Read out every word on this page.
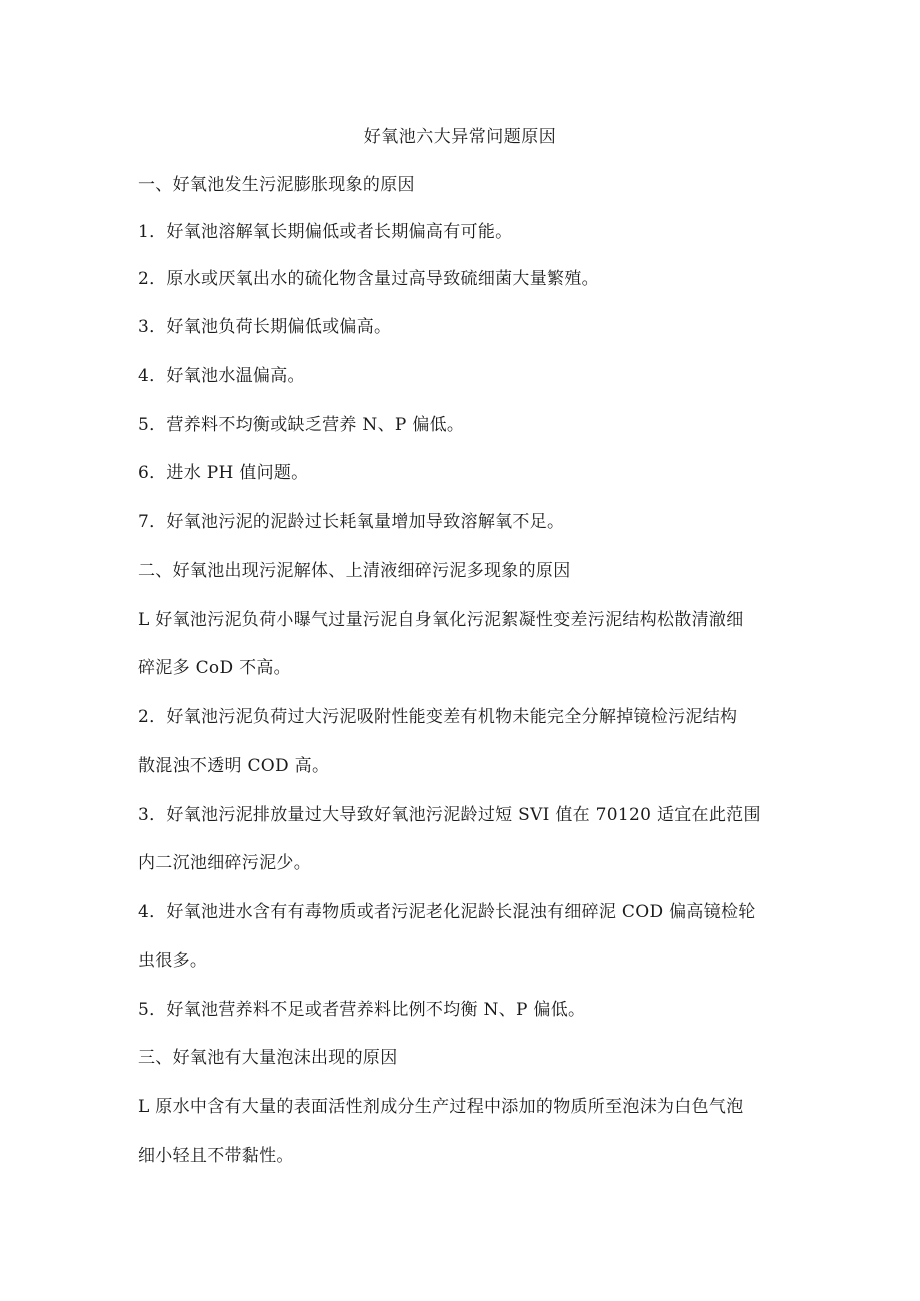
好氧池六大异常问题原因
一、好氧池发生污泥膨胀现象的原因
1．好氧池溶解氧长期偏低或者长期偏高有可能。
2．原水或厌氧出水的硫化物含量过高导致硫细菌大量繁殖。
3．好氧池负荷长期偏低或偏高。
4．好氧池水温偏高。
5．营养料不均衡或缺乏营养 N、P 偏低。
6．进水 PH 值问题。
7．好氧池污泥的泥龄过长耗氧量增加导致溶解氧不足。
二、好氧池出现污泥解体、上清液细碎污泥多现象的原因
L 好氧池污泥负荷小曝气过量污泥自身氧化污泥絮凝性变差污泥结构松散清澈细
碎泥多 CoD 不高。
2．好氧池污泥负荷过大污泥吸附性能变差有机物未能完全分解掉镜检污泥结构
散混浊不透明 COD 高。
3．好氧池污泥排放量过大导致好氧池污泥龄过短 SVI 值在 70120 适宜在此范围
内二沉池细碎污泥少。
4．好氧池进水含有有毒物质或者污泥老化泥龄长混浊有细碎泥 COD 偏高镜检轮
虫很多。
5．好氧池营养料不足或者营养料比例不均衡 N、P 偏低。
三、好氧池有大量泡沫出现的原因
L 原水中含有大量的表面活性剂成分生产过程中添加的物质所至泡沫为白色气泡
细小轻且不带黏性。
